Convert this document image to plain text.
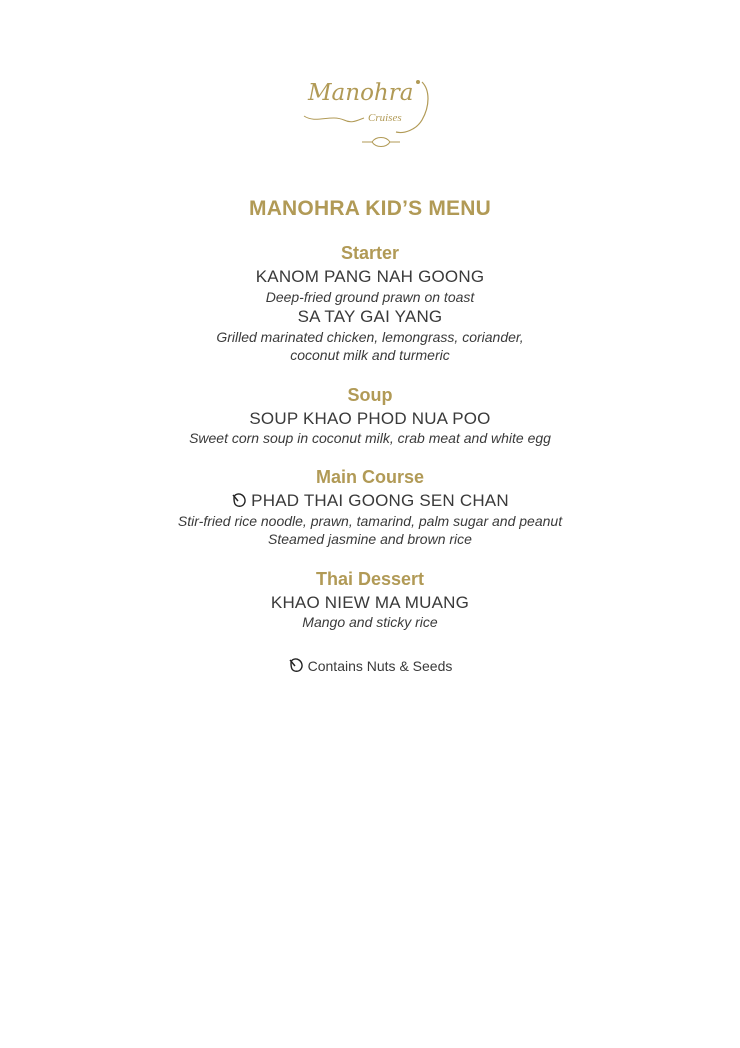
Manohra
Cruises
MANOHRA KID’S MENU
Starter
KANOM PANG NAH GOONG
Deep-fried ground prawn on toast
SA TAY GAI YANG
Grilled marinated chicken, lemongrass, coriander,
coconut milk and turmeric
Soup
SOUP KHAO PHOD NUA POO
Sweet corn soup in coconut milk, crab meat and white egg
Main Course
PHAD THAI GOONG SEN CHAN
Stir-fried rice noodle, prawn, tamarind, palm sugar and peanut
Steamed jasmine and brown rice
Thai Dessert
KHAO NIEW MA MUANG
Mango and sticky rice
Contains Nuts & Seeds
